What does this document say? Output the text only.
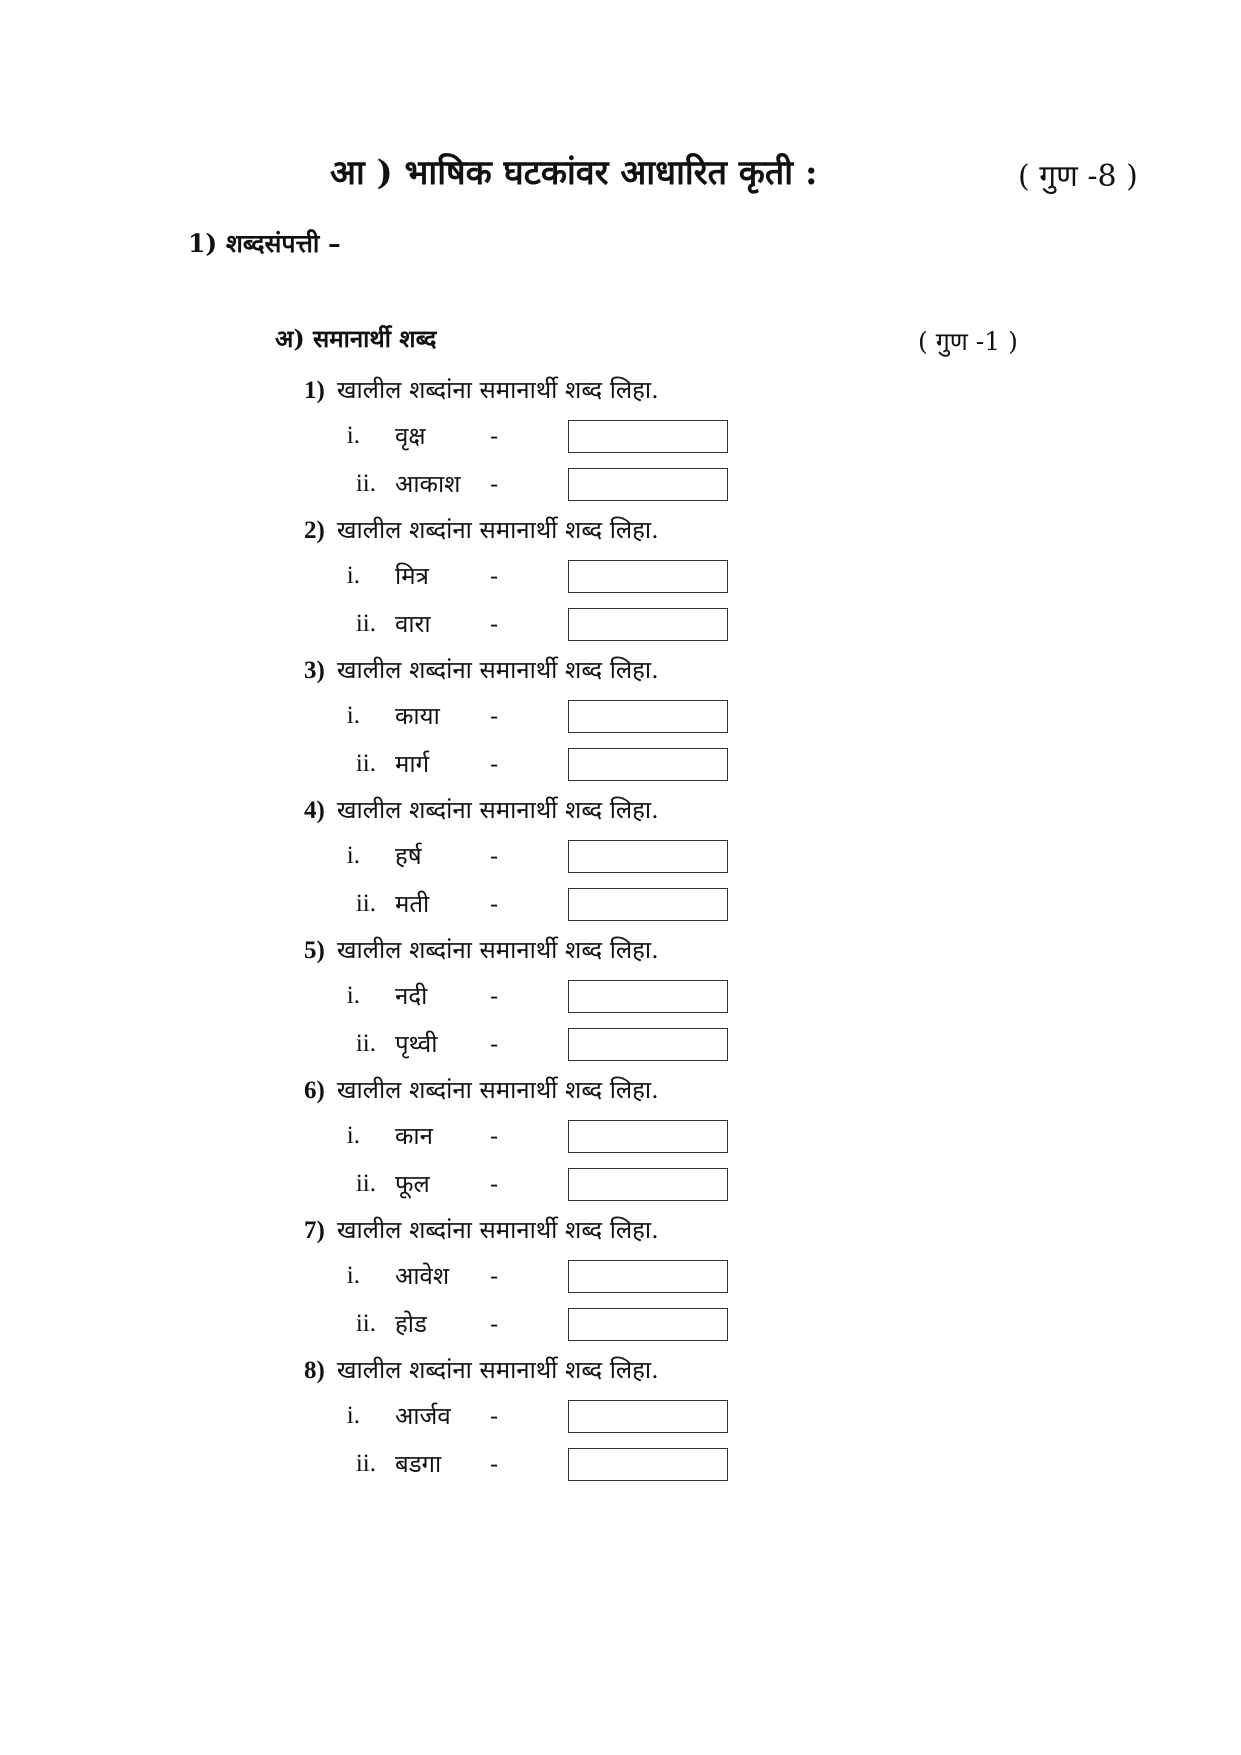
आ ) भाषिक घटकांवर आधारित कृती :	( गुण -8 )
1) शब्दसंपत्ती –
अ) समानार्थी शब्द	( गुण -1 )
1) खालील शब्दांना समानार्थी शब्द लिहा.
i. वृक्ष	-
ii. आकाश -
2) खालील शब्दांना समानार्थी शब्द लिहा.
i. मित्र	-
ii. वारा -
3) खालील शब्दांना समानार्थी शब्द लिहा.
i. काया -
ii. मार्ग	-
4) खालील शब्दांना समानार्थी शब्द लिहा.
i. हर्ष	-
ii. मती	-
5) खालील शब्दांना समानार्थी शब्द लिहा.
i. नदी	-
ii. पृथ्वी -
6) खालील शब्दांना समानार्थी शब्द लिहा.
i. कान -
ii. फूल	-
7) खालील शब्दांना समानार्थी शब्द लिहा.
i. आवेश -
ii. होड	-
8) खालील शब्दांना समानार्थी शब्द लिहा.
i. आर्जव -
ii. बडगा -
